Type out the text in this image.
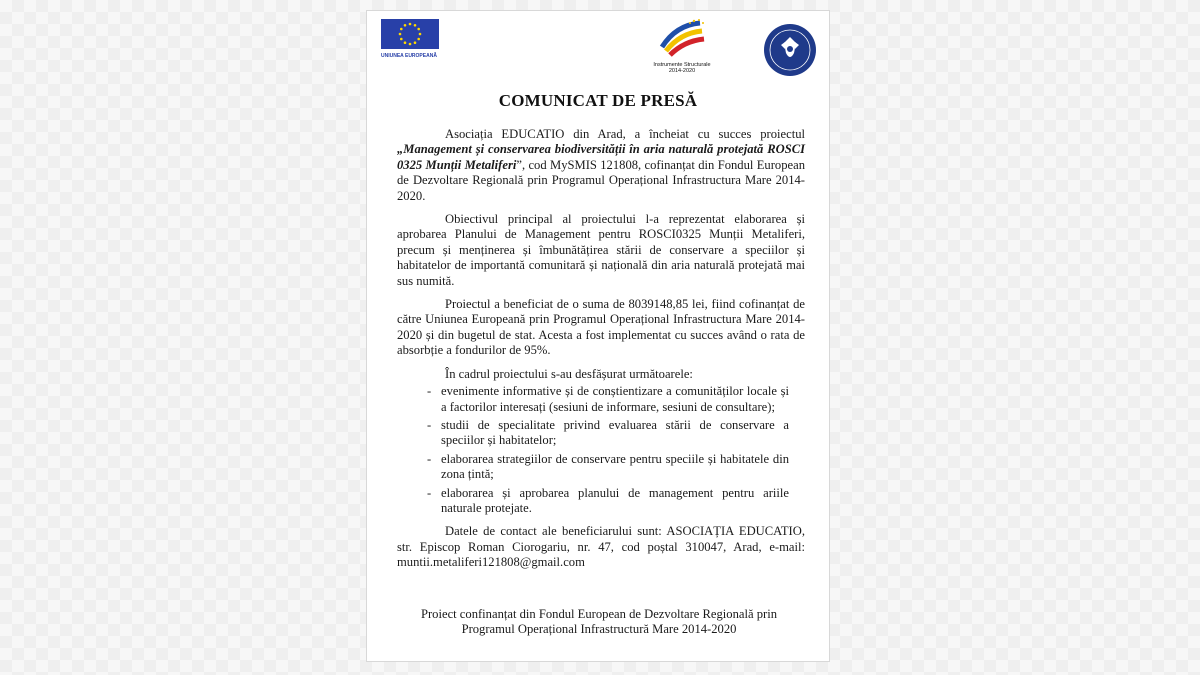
UNIUNEA EUROPEANĂ
Instrumente Structurale
2014-2020
COMUNICAT DE PRESĂ

Asociația EDUCATIO din Arad, a încheiat cu succes proiectul „Management și conservarea biodiversității în aria naturală protejată ROSCI 0325 Munții Metaliferi”, cod MySMIS 121808, cofinanțat din Fondul European de Dezvoltare Regională prin Programul Operațional Infrastructura Mare 2014-2020.

Obiectivul principal al proiectului l-a reprezentat elaborarea și aprobarea Planului de Management pentru ROSCI0325 Munții Metaliferi, precum și menținerea și îmbunătățirea stării de conservare a speciilor și habitatelor de importantă comunitară și națională din aria naturală protejată mai sus numită.

Proiectul a beneficiat de o suma de 8039148,85 lei, fiind cofinanțat de către Uniunea Europeană prin Programul Operațional Infrastructura Mare 2014-2020 și din bugetul de stat. Acesta a fost implementat cu succes având o rata de absorbție a fondurilor de 95%.

În cadrul proiectului s-au desfășurat următoarele:

- evenimente informative și de conștientizare a comunităților locale și a factorilor interesați (sesiuni de informare, sesiuni de consultare);
- studii de specialitate privind evaluarea stării de conservare a speciilor și habitatelor;
- elaborarea strategiilor de conservare pentru speciile și habitatele din zona țintă;
- elaborarea și aprobarea planului de management pentru ariile naturale protejate.

Datele de contact ale beneficiarului sunt: ASOCIAȚIA EDUCATIO, str. Episcop Roman Ciorogariu, nr. 47, cod poștal 310047, Arad, e-mail: muntii.metaliferi121808@gmail.com

Proiect confinanțat din Fondul European de Dezvoltare Regională prin Programul Operațional Infrastructură Mare 2014-2020
